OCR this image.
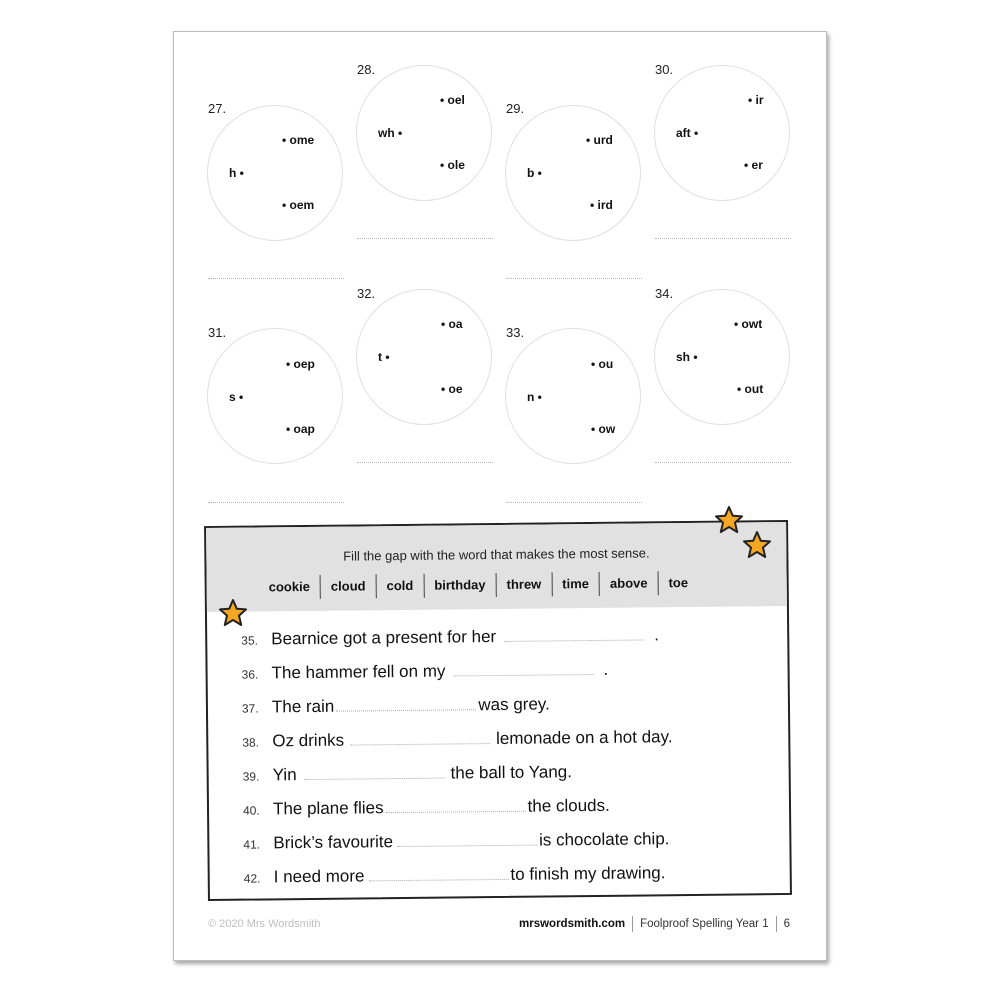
27.
h •
• ome
• oem
28.
wh •
• oel
• ole
29.
b •
• urd
• ird
30.
aft •
• ir
• er
31.
s •
• oep
• oap
32.
t •
• oa
• oe
33.
n •
• ou
• ow
34.
sh •
• owt
• out
Fill the gap with the word that makes the most sense.
cookie	cloud	cold	birthday	threw	time	above	toe
35. Bearnice got a present for her	.
36. The hammer fell on my	.
37. The rain	was grey.
38. Oz drinks	lemonade on a hot day.
39. Yin	the ball to Yang.
40. The plane flies	the clouds.
41. Brick’s favourite	is chocolate chip.
42. I need more	to finish my drawing.
© 2020 Mrs Wordsmith	mrswordsmith.com Foolproof Spelling Year 1 6
